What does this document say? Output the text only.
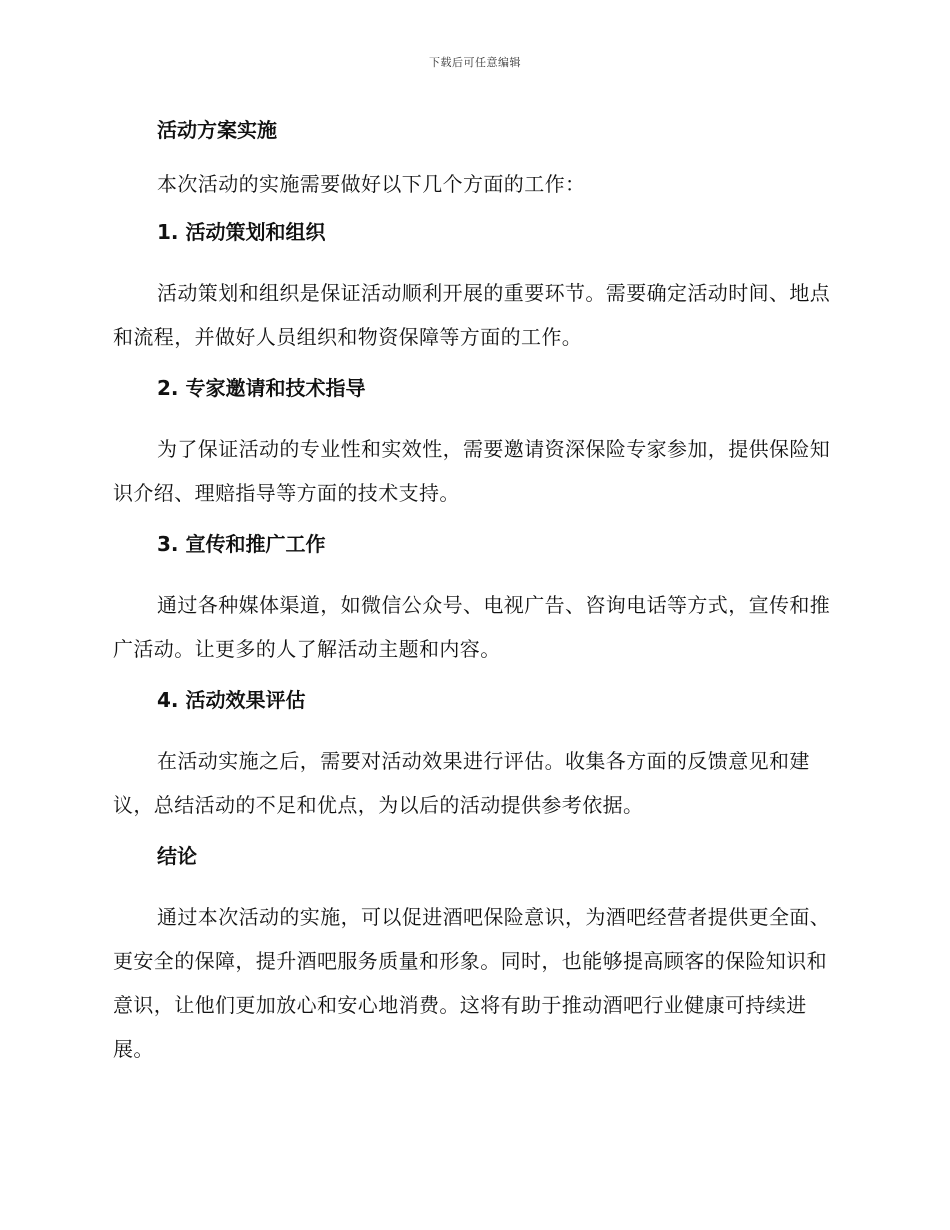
下载后可任意编辑
活动方案实施

本次活动的实施需要做好以下几个方面的工作：

1. 活动策划和组织

活动策划和组织是保证活动顺利开展的重要环节。需要确定活动时间、地点和流程，并做好人员组织和物资保障等方面的工作。

2. 专家邀请和技术指导

为了保证活动的专业性和实效性，需要邀请资深保险专家参加，提供保险知识介绍、理赔指导等方面的技术支持。

3. 宣传和推广工作

通过各种媒体渠道，如微信公众号、电视广告、咨询电话等方式，宣传和推广活动。让更多的人了解活动主题和内容。

4. 活动效果评估

在活动实施之后，需要对活动效果进行评估。收集各方面的反馈意见和建议，总结活动的不足和优点，为以后的活动提供参考依据。

结论

通过本次活动的实施，可以促进酒吧保险意识，为酒吧经营者提供更全面、更安全的保障，提升酒吧服务质量和形象。同时，也能够提高顾客的保险知识和意识，让他们更加放心和安心地消费。这将有助于推动酒吧行业健康可持续进展。
